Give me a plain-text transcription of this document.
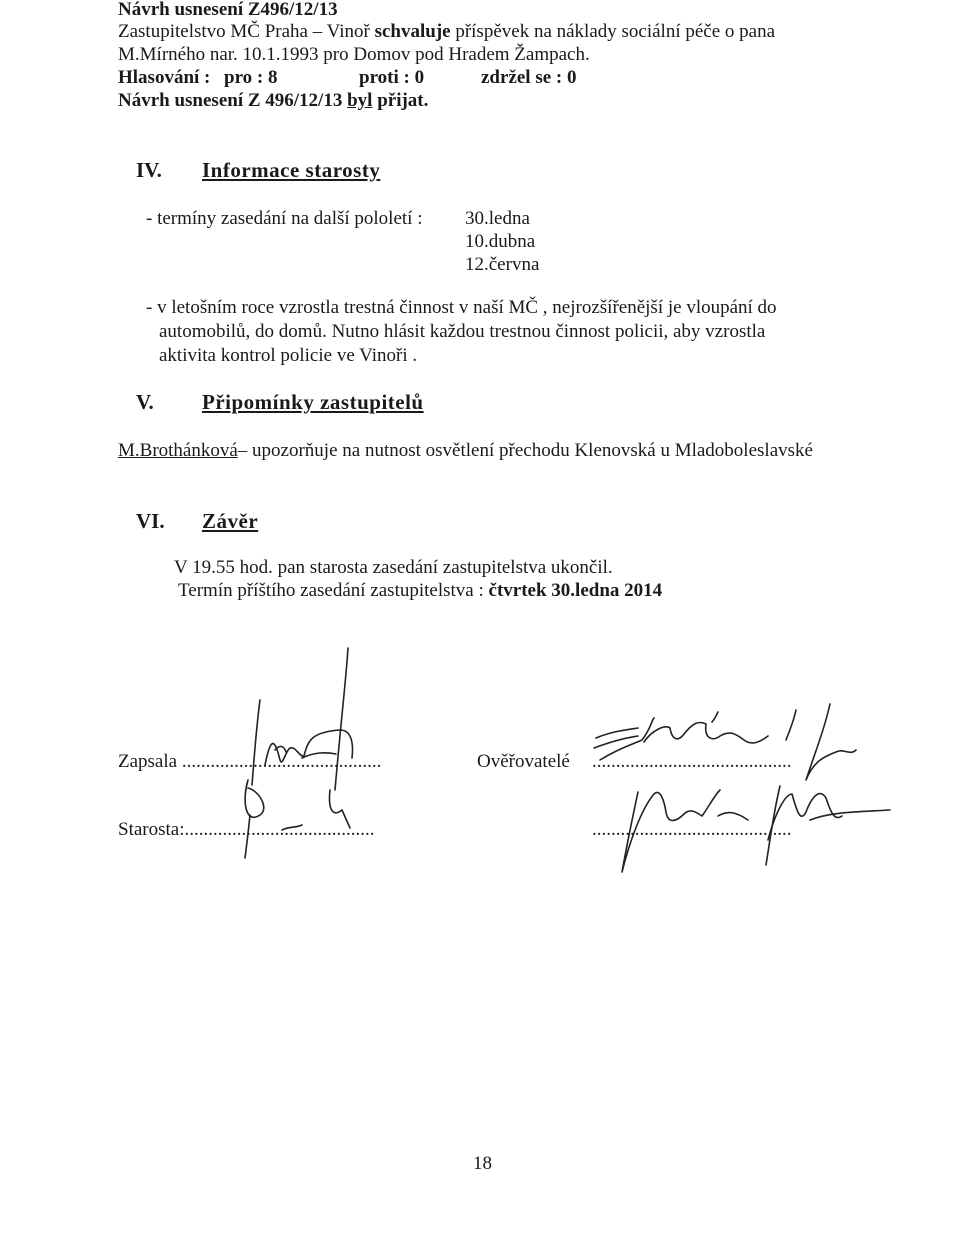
Návrh usnesení Z496/12/13
Zastupitelstvo MČ Praha – Vinoř schvaluje příspěvek na náklady sociální péče o pana
M.Mírného nar. 10.1.1993 pro Domov pod Hradem Žampach.
Hlasování : pro : 8	proti : 0	zdržel se : 0
Návrh usnesení Z 496/12/13 byl přijat.
IV. Informace starosty
- termíny zasedání na další pololetí : 30.ledna
10.dubna
12.června
- v letošním roce vzrostla trestná činnost v naší MČ , nejrozšířenější je vloupání do automobilů, do domů. Nutno hlásit každou trestnou činnost policii, aby vzrostla aktivita kontrol policie ve Vinoři .
V. Připomínky zastupitelů
M.Brothánková– upozorňuje na nutnost osvětlení přechodu Klenovská u Mladoboleslavské
VI. Závěr
V 19.55 hod. pan starosta zasedání zastupitelstva ukončil.
Termín příštího zasedání zastupitelstva : čtvrtek 30.ledna 2014
Zapsala ..........................................	Ověřovatelé ..........................................
Starosta:........................................	..........................................
18
